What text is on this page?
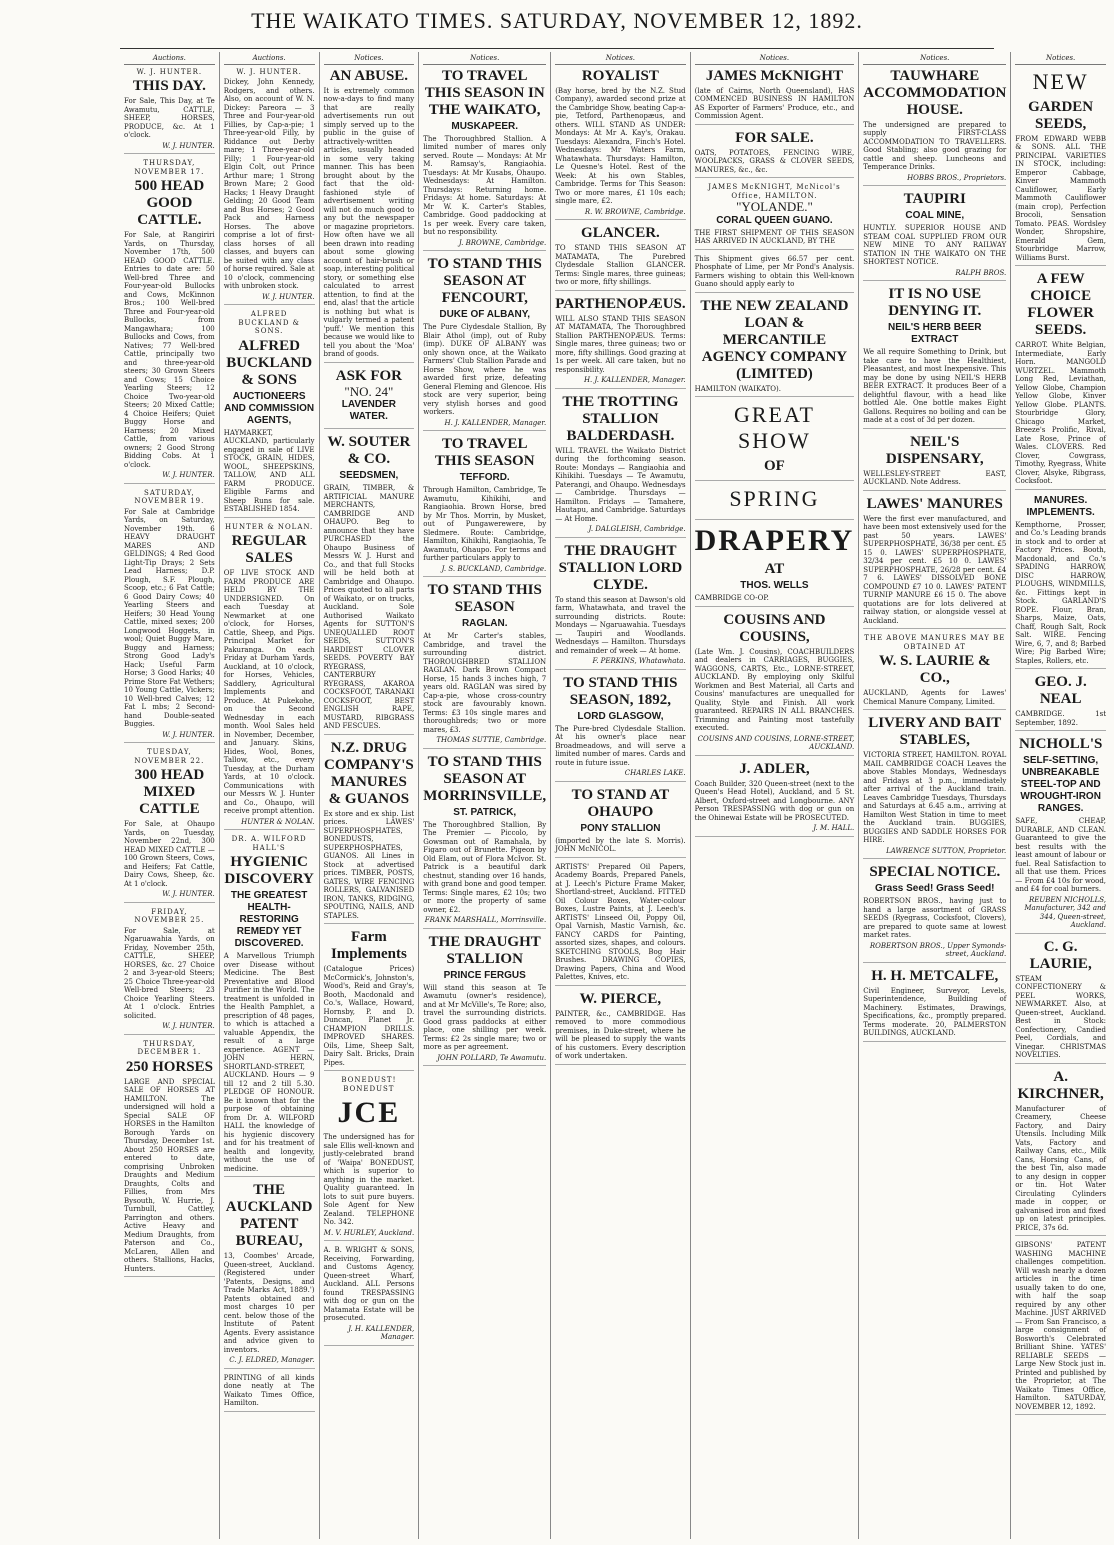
THE WAIKATO TIMES. SATURDAY, NOVEMBER 12, 1892.
Auctions.
W. J. HUNTER.
THIS DAY.
For Sale, This Day, at Te Awamutu, CATTLE, SHEEP, HORSES, PRODUCE, &c. At 1 o'clock.
W. J. HUNTER.
THURSDAY, NOVEMBER 17.
500 HEAD GOOD CATTLE.
For Sale, at Rangiriri Yards, on Thursday, November 17th, 500 HEAD GOOD CATTLE. Entries to date are: 50 Well-bred Three and Four-year-old Bullocks and Cows, McKinnon Bros.; 100 Well-bred Three and Four-year-old Bullocks, from Mangawhara; 100 Bullocks and Cows, from Natives; 77 Well-bred Cattle, principally two and three-year-old steers; 30 Grown Steers and Cows; 15 Choice Yearling Steers; 12 Choice Two-year-old Steers; 20 Mixed Cattle; 4 Choice Heifers; Quiet Buggy Horse and Harness; 20 Mixed Cattle, from various owners; 2 Good Strong Bidding Cobs. At 1 o'clock.
W. J. HUNTER.
SATURDAY, NOVEMBER 19.
For Sale at Cambridge Yards, on Saturday, November 19th. 6 HEAVY DRAUGHT MARES AND GELDINGS; 4 Red Good Light-Tip Drays; 2 Sets Lead Harness; D.P. Plough, S.F. Plough, Scoop, etc.; 6 Fat Cattle; 6 Good Dairy Cows; 40 Yearling Steers and Heifers; 30 Head Young Cattle, mixed sexes; 200 Longwood Hoggets, in wool; Quiet Buggy Mare, Buggy and Harness; Strong Good Lady's Hack; Useful Farm Horse; 3 Good Harks; 40 Prime Store Fat Wethers; 10 Young Cattle, Vickers; 10 Well-bred Calves; 12 Fat L mbs; 2 Second-hand Double-seated Buggies.
W. J. HUNTER.
TUESDAY, NOVEMBER 22.
300 HEAD MIXED CATTLE
For Sale, at Ohaupo Yards, on Tuesday, November 22nd, 300 HEAD MIXED CATTLE — 100 Grown Steers, Cows, and Heifers; Fat Cattle, Dairy Cows, Sheep, &c. At 1 o'clock.
W. J. HUNTER.
FRIDAY, NOVEMBER 25.
For Sale, at Ngaruawahia Yards, on Friday, November 25th, CATTLE, SHEEP, HORSES, &c. 27 Choice 2 and 3-year-old Steers; 25 Choice Three-year-old Well-bred Steers; 23 Choice Yearling Steers. At 1 o'clock. Entries solicited.
W. J. HUNTER.
THURSDAY, DECEMBER 1.
250 HORSES
LARGE AND SPECIAL SALE OF HORSES AT HAMILTON. The undersigned will hold a Special SALE OF HORSES in the Hamilton Borough Yards on Thursday, December 1st. About 250 HORSES are entered to date, comprising Unbroken Draughts and Medium Draughts, Colts and Fillies, from Mrs Bysouth, W. Hurrie, J. Turnbull, Cattley, Parrington and others. Active Heavy and Medium Draughts, from Paterson and Co., McLaren, Allen and others. Stallions, Hacks, Hunters.
Auctions.
W. J. HUNTER.
Dickey, John Kennedy, Rodgers, and others. Also, on account of W. N. Dickey: Pareora — 3 Three and Four-year-old Fillies, by Cap-a-pie; 1 Three-year-old Filly, by Riddance out Derby mare; 1 Three-year-old Filly; 1 Four-year-old Elgin Colt, out Prince Arthur mare; 1 Strong Brown Mare; 2 Good Hacks; 1 Heavy Draught Gelding; 20 Good Team and Bus Horses; 2 Good Pack and Harness Horses. The above comprise a lot of first-class horses of all classes, and buyers can be suited with any class of horse required. Sale at 10 o'clock, commencing with unbroken stock.
W. J. HUNTER.
ALFRED BUCKLAND & SONS.
ALFRED BUCKLAND & SONS
AUCTIONEERS AND COMMISSION AGENTS,
HAYMARKET, AUCKLAND, particularly engaged in sale of LIVE STOCK, GRAIN, HIDES, WOOL, SHEEPSKINS, TALLOW, AND ALL FARM PRODUCE. Eligible Farms and Sheep Runs for sale. ESTABLISHED 1854.
HUNTER & NOLAN.
REGULAR SALES
OF LIVE STOCK AND FARM PRODUCE ARE HELD BY THE UNDERSIGNED. On each Tuesday at Newmarket at one o'clock, for Horses, Cattle, Sheep, and Pigs. Principal Market for Pakuranga. On each Friday at Durham Yards, Auckland, at 10 o'clock, for Horses, Vehicles, Saddlery, Agricultural Implements and Produce. At Pukekohe, on the Second Wednesday in each month. Wool Sales held in November, December, and January. Skins, Hides, Wool, Bones, Tallow, etc., every Tuesday, at the Durham Yards, at 10 o'clock. Communications with our Messrs W. J. Hunter and Co., Ohaupo, will receive prompt attention.
HUNTER & NOLAN.
DR. A. WILFORD HALL'S
HYGIENIC DISCOVERY
THE GREATEST HEALTH-RESTORING REMEDY YET DISCOVERED.
A Marvellous Triumph over Disease without Medicine. The Best Preventative and Blood Purifier in the World. The treatment is unfolded in the Health Pamphlet, a prescription of 48 pages, to which is attached a valuable Appendix, the result of a large experience. AGENT — JOHN HERN, SHORTLAND-STREET, AUCKLAND. Hours — 9 till 12 and 2 till 5.30. PLEDGE OF HONOUR. Be it known that for the purpose of obtaining from Dr. A. WILFORD HALL the knowledge of his hygienic discovery and for his treatment of health and longevity, without the use of medicine.
THE AUCKLAND PATENT BUREAU,
13, Coombes' Arcade, Queen-street, Auckland. (Registered under 'Patents, Designs, and Trade Marks Act, 1889.') Patents obtained and most charges 10 per cent. below those of the Institute of Patent Agents. Every assistance and advice given to inventors.
C. J. ELDRED, Manager.
PRINTING of all kinds done neatly at The Waikato Times Office, Hamilton.
Notices.
AN ABUSE.
It is extremely common now-a-days to find many that are really advertisements run out simply served up to the public in the guise of attractively-written articles, usually headed in some very taking manner. This has been brought about by the fact that the old-fashioned style of advertisement writing will not do much good to any but the newspaper or magazine proprietors. How often have we all been drawn into reading about some glowing account of hair-brush or soap, interesting political story, or something else calculated to arrest attention, to find at the end, alas! that the article is nothing but what is vulgarly termed a patent 'puff.' We mention this because we would like to tell you about the 'Moa' brand of goods.
ASK FOR
"NO. 24"
LAVENDER WATER.
W. SOUTER & CO.
SEEDSMEN,
GRAIN, TIMBER, & ARTIFICIAL MANURE MERCHANTS, CAMBRIDGE AND OHAUPO. Beg to announce that they have PURCHASED the Ohaupo Business of Messrs W. J. Hurst and Co., and that full Stocks will be held both at Cambridge and Ohaupo. Prices quoted to all parts of Waikato, or on trucks, Auckland. Sole Authorised Waikato Agents for SUTTON'S UNEQUALLED ROOT SEEDS, SUTTON'S HARDIEST CLOVER SEEDS. POVERTY BAY RYEGRASS, CANTERBURY RYEGRASS, AKAROA COCKSFOOT, TARANAKI COCKSFOOT, BEST ENGLISH RAPE, MUSTARD, RIBGRASS AND FESCUES.
N.Z. DRUG COMPANY'S MANURES & GUANOS
Ex store and ex ship. List prices. LAWES' SUPERPHOSPHATES, BONEDUSTS, SUPERPHOSPHATES, GUANOS. All Lines in Stock at advertised prices. TIMBER, POSTS, GATES, WIRE FENCING ROLLERS, GALVANISED IRON, TANKS, RIDGING, SPOUTING, NAILS, AND STAPLES.
Farm Implements
(Catalogue Prices) McCormick's, Johnston's, Wood's, Reid and Gray's, Booth, Macdonald and Co.'s, Wallace, Howard, Hornsby, P. and D. Duncan, Planet Jr. CHAMPION DRILLS. IMPROVED SHARES. Oils, Lime, Sheep Salt, Dairy Salt. Bricks, Drain Pipes.
BONEDUST! BONEDUST
JCE
The undersigned has for sale Ellis well-known and justly-celebrated brand of 'Waipa' BONEDUST, which is superior to anything in the market. Quality guaranteed. In lots to suit pure buyers. Sole Agent for New Zealand. TELEPHONE No. 342.
M. V. HURLEY, Auckland.
A. B. WRIGHT & SONS, Receiving, Forwarding, and Customs Agency, Queen-street Wharf, Auckland. ALL Persons found TRESPASSING with dog or gun on the Matamata Estate will be prosecuted.
J. H. KALLENDER, Manager.
Notices.
TO TRAVEL THIS SEASON IN THE WAIKATO,
MUSKAPEER.
The Thoroughbred Stallion. A limited number of mares only served. Route — Mondays: At Mr M. Ramsay's, Rangiaohia. Tuesdays: At Mr Kusabs, Ohaupo. Wednesdays: At Hamilton. Thursdays: Returning home. Fridays: At home. Saturdays: At Mr W. K. Carter's Stables, Cambridge. Good paddocking at 1s per week. Every care taken, but no responsibility.
J. BROWNE, Cambridge.
TO STAND THIS SEASON AT FENCOURT,
DUKE OF ALBANY,
The Pure Clydesdale Stallion, By Blair Athol (imp), out of Ruby (imp). DUKE OF ALBANY was only shown once, at the Waikato Farmers' Club Stallion Parade and Horse Show, where he was awarded first prize, defeating General Fleming and Glencoe. His stock are very superior, being very stylish horses and good workers.
H. J. KALLENDER, Manager.
TO TRAVEL THIS SEASON
TEFFORD.
Through Hamilton, Cambridge, Te Awamutu, Kihikihi, and Rangiaohia. Brown Horse, bred by Mr Thos. Morrin, by Musket, out of Pungawerewere, by Sledmere. Route: Cambridge, Hamilton, Kihikihi, Rangiaohia, Te Awamutu, Ohaupo. For terms and further particulars apply to
J. S. BUCKLAND, Cambridge.
TO STAND THIS SEASON
RAGLAN.
At Mr Carter's stables, Cambridge, and travel the surrounding district. THOROUGHBRED STALLION RAGLAN. Dark Brown Compact Horse, 15 hands 3 inches high, 7 years old. RAGLAN was sired by Cap-a-pie, whose cross-country stock are favourably known. Terms: £3 10s single mares and thoroughbreds; two or more mares, £3.
THOMAS SUTTIE, Cambridge.
TO STAND THIS SEASON AT MORRINSVILLE,
ST. PATRICK,
The Thoroughbred Stallion, By The Premier — Piccolo, by Gowsman out of Ramahala, by Figaro out of Brunette. Pigeon by Old Elam, out of Flora McIvor. St. Patrick is a beautiful dark chestnut, standing over 16 hands, with grand bone and good temper. Terms: Single mares, £2 10s; two or more the property of same owner, £2.
FRANK MARSHALL, Morrinsville.
THE DRAUGHT STALLION
PRINCE FERGUS
Will stand this season at Te Awamutu (owner's residence), and at Mr McVille's, Te Rore; also, travel the surrounding districts. Good grass paddocks at either place, one shilling per week. Terms: £2 2s single mare; two or more as per agreement.
JOHN POLLARD, Te Awamutu.
Notices.
ROYALIST
(Bay horse, bred by the N.Z. Stud Company), awarded second prize at the Cambridge Show, beating Cap-a-pie, Tetford, Parthenopæus, and others. WILL STAND AS UNDER: Mondays: At Mr A. Kay's, Orakau. Tuesdays: Alexandra, Finch's Hotel. Wednesdays: Mr Waters Farm, Whatawhata. Thursdays: Hamilton, Le Quesne's Hotel. Rest of the Week: At his own Stables, Cambridge. Terms for This Season: Two or more mares, £1 10s each; single mare, £2.
R. W. BROWNE, Cambridge.
GLANCER.
TO STAND THIS SEASON AT MATAMATA, The Purebred Clydesdale Stallion GLANCER. Terms: Single mares, three guineas; two or more, fifty shillings.
PARTHENOPÆUS.
WILL ALSO STAND THIS SEASON AT MATAMATA, The Thoroughbred Stallion PARTHENOPÆUS. Terms: Single mares, three guineas; two or more, fifty shillings. Good grazing at 1s per week. All care taken, but no responsibility.
H. J. KALLENDER, Manager.
THE TROTTING STALLION BALDERDASH.
WILL TRAVEL the Waikato District during the forthcoming season. Route: Mondays — Rangiaohia and Kihikihi. Tuesdays — Te Awamutu, Paterangi, and Ohaupo. Wednesdays — Cambridge. Thursdays — Hamilton. Fridays — Tamahere, Hautapu, and Cambridge. Saturdays — At Home.
J. DALGLEISH, Cambridge.
THE DRAUGHT STALLION LORD CLYDE.
To stand this season at Dawson's old farm, Whatawhata, and travel the surrounding districts. Route: Mondays — Ngaruawahia. Tuesdays — Taupiri and Woodlands. Wednesdays — Hamilton. Thursdays and remainder of week — At home.
F. PERKINS, Whatawhata.
TO STAND THIS SEASON, 1892,
LORD GLASGOW,
The Pure-bred Clydesdale Stallion. At his owner's place near Broadmeadows, and will serve a limited number of mares. Cards and route in future issue.
CHARLES LAKE.
TO STAND AT OHAUPO
PONY STALLION
(imported by the late S. Morris). JOHN McNICOL.
ARTISTS' Prepared Oil Papers, Academy Boards, Prepared Panels, at J. Leech's Picture Frame Maker, Shortland-street, Auckland. FITTED Oil Colour Boxes, Water-colour Boxes, Lustre Paints, at J. Leech's. ARTISTS' Linseed Oil, Poppy Oil, Opal Varnish, Mastic Varnish, &c. FANCY CARDS for Painting, assorted sizes, shapes, and colours. SKETCHING STOOLS, Bog Hair Brushes. DRAWING COPIES, Drawing Papers, China and Wood Palettes, Knives, etc.
W. PIERCE,
PAINTER, &c., CAMBRIDGE. Has removed to more commodious premises, in Duke-street, where he will be pleased to supply the wants of his customers. Every description of work undertaken.
Notices.
JAMES McKNIGHT
(late of Cairns, North Queensland), HAS COMMENCED BUSINESS IN HAMILTON AS Exporter of Farmers' Produce, etc., and Commission Agent.
FOR SALE.
OATS, POTATOES, FENCING WIRE, WOOLPACKS, GRASS & CLOVER SEEDS, MANURES, &c., &c.
JAMES McKNIGHT, McNicol's Office, HAMILTON.
"YOLANDE."
CORAL QUEEN GUANO.
THE FIRST SHIPMENT OF THIS SEASON HAS ARRIVED IN AUCKLAND, BY THE
This Shipment gives 66.57 per cent. Phosphate of Lime, per Mr Pond's Analysis. Farmers wishing to obtain this Well-known Guano should apply early to
THE NEW ZEALAND LOAN & MERCANTILE AGENCY COMPANY (LIMITED)
HAMILTON (WAIKATO).
GREAT SHOW
OF
SPRING
DRAPERY
AT
THOS. WELLS
CAMBRIDGE CO-OP.
COUSINS AND COUSINS,
(Late Wm. J. Cousins), COACHBUILDERS and dealers in CARRIAGES, BUGGIES, WAGGONS, CARTS, Etc., LORNE-STREET, AUCKLAND. By employing only Skilful Workmen and Best Material, all Carts and Cousins' manufactures are unequalled for Quality, Style and Finish. All work guaranteed. REPAIRS IN ALL BRANCHES. Trimming and Painting most tastefully executed.
COUSINS AND COUSINS, LORNE-STREET, AUCKLAND.
J. ADLER,
Coach Builder, 320 Queen-street (next to the Queen's Head Hotel), Auckland, and 5 St. Albert, Oxford-street and Longbourne. ANY Person TRESPASSING with dog or gun on the Ohinewai Estate will be PROSECUTED.
J. M. HALL.
Notices.
TAUWHARE ACCOMMODATION HOUSE.
The undersigned are prepared to supply FIRST-CLASS ACCOMMODATION TO TRAVELLERS. Good Stabling; also good grazing for cattle and sheep. Luncheons and Temperance Drinks.
HOBBS BROS., Proprietors.
TAUPIRI
COAL MINE,
HUNTLY. SUPERIOR HOUSE AND STEAM COAL SUPPLIED FROM OUR NEW MINE TO ANY RAILWAY STATION IN THE WAIKATO ON THE SHORTEST NOTICE.
RALPH BROS.
IT IS NO USE DENYING IT.
NEIL'S HERB BEER EXTRACT
We all require Something to Drink, but take care to have the Healthiest, Pleasantest, and most Inexpensive. This may be done by using NEIL'S HERB BEER EXTRACT. It produces Beer of a delightful flavour, with a head like bottled Ale. One bottle makes Eight Gallons. Requires no boiling and can be made at a cost of 3d per dozen.
NEIL'S DISPENSARY,
WELLESLEY-STREET EAST, AUCKLAND. Note Address.
LAWES' MANURES
Were the first ever manufactured, and have been most extensively used for the past 50 years. LAWES' SUPERPHOSPHATE, 36/38 per cent. £5 15 0. LAWES' SUPERPHOSPHATE, 32/34 per cent. £5 10 0. LAWES' SUPERPHOSPHATE, 26/28 per cent. £4 7 6. LAWES' DISSOLVED BONE COMPOUND £7 10 0. LAWES' PATENT TURNIP MANURE £6 15 0. The above quotations are for lots delivered at railway station, or alongside vessel at Auckland.
THE ABOVE MANURES MAY BE OBTAINED AT
W. S. LAURIE & CO.,
AUCKLAND, Agents for Lawes' Chemical Manure Company, Limited.
LIVERY AND BAIT STABLES,
VICTORIA STREET, HAMILTON. ROYAL MAIL CAMBRIDGE COACH Leaves the above Stables Mondays, Wednesdays and Fridays at 3 p.m., immediately after arrival of the Auckland train. Leaves Cambridge Tuesdays, Thursdays and Saturdays at 6.45 a.m., arriving at Hamilton West Station in time to meet the Auckland train. BUGGIES, BUGGIES AND SADDLE HORSES FOR HIRE.
LAWRENCE SUTTON, Proprietor.
SPECIAL NOTICE.
Grass Seed! Grass Seed!
ROBERTSON BROS., having just to hand a large assortment of GRASS SEEDS (Ryegrass, Cocksfoot, Clovers), are prepared to quote same at lowest market rates.
ROBERTSON BROS., Upper Symonds-street, Auckland.
H. H. METCALFE,
Civil Engineer, Surveyor, Levels, Superintendence, Building of Machinery. Estimates, Drawings, Specifications, &c., promptly prepared. Terms moderate. 20, PALMERSTON BUILDINGS, AUCKLAND.
Notices.
NEW
GARDEN SEEDS,
FROM EDWARD WEBB & SONS. ALL THE PRINCIPAL VARIETIES IN STOCK, including: Emperor Cabbage, Kinver Mammoth Cauliflower, Early Mammoth Cauliflower (main crop), Perfection Brocoli, Sensation Tomato. PEAS. Wordsley Wonder, Shropshire, Emerald Gem, Stourbridge Marrow, Williams Burst.
A FEW CHOICE FLOWER SEEDS.
CARROT. White Belgian, Intermediate, Early Horn. MANGOLD WURTZEL. Mammoth Long Red, Leviathan, Yellow Globe, Champion Yellow Globe, Kinver Yellow Globe. PLANTS. Stourbridge Glory, Chicago Market, Breeze's Prolific, Rival, Late Rose, Prince of Wales. CLOVERS. Red Clover, Cowgrass, Timothy, Ryegrass, White Clover, Alsyke, Ribgrass, Cocksfoot.
MANURES. IMPLEMENTS.
Kempthorne, Prosser, and Co.'s Leading brands in stock and to order at Factory Prices. Booth, Macdonald, and Co.'s SPADING HARROW, DISC HARROW, PLOUGHS, WINDMILLS, &c. Fittings kept in Stock. GARLAND'S ROPE. Flour, Bran, Sharps, Maize, Oats, Chaff, Rough Salt, Rock Salt. WIRE. Fencing Wire, 6, 7, and 8; Barbed Wire; Pig Barbed Wire; Staples, Rollers, etc.
GEO. J. NEAL
CAMBRIDGE. 1st September, 1892.
NICHOLL'S
SELF-SETTING, UNBREAKABLE STEEL-TOP AND WROUGHT-IRON RANGES.
SAFE, CHEAP, DURABLE, AND CLEAN. Guaranteed to give the best results with the least amount of labour or fuel. Real Satisfaction to all that use them. Prices — From £4 10s for wood, and £4 for coal burners.
REUBEN NICHOLLS, Manufacturer, 342 and 344, Queen-street, Auckland.
C. G. LAURIE,
STEAM CONFECTIONERY & PEEL WORKS, NEWMARKET. Also, at Queen-street, Auckland. Best in Stock: Confectionery, Candied Peel, Cordials, and Vinegar. CHRISTMAS NOVELTIES.
A. KIRCHNER,
Manufacturer of Creamery, Cheese Factory, and Dairy Utensils. Including Milk Vats, Factory and Railway Cans, etc., Milk Cans, Horsing Cans, of the best Tin, also made to any design in copper or tin. Hot Water Circulating Cylinders made in copper, or galvanised iron and fixed up on latest principles. PRICE, 37s 6d.
GIBSONS' PATENT WASHING MACHINE challenges competition. Will wash nearly a dozen articles in the time usually taken to do one, with half the soap required by any other Machine. JUST ARRIVED — From San Francisco, a large consignment of Bosworth's Celebrated Brilliant Shine. YATES' RELIABLE SEEDS — Large New Stock just in. Printed and published by the Proprietor, at The Waikato Times Office, Hamilton. SATURDAY, NOVEMBER 12, 1892.
